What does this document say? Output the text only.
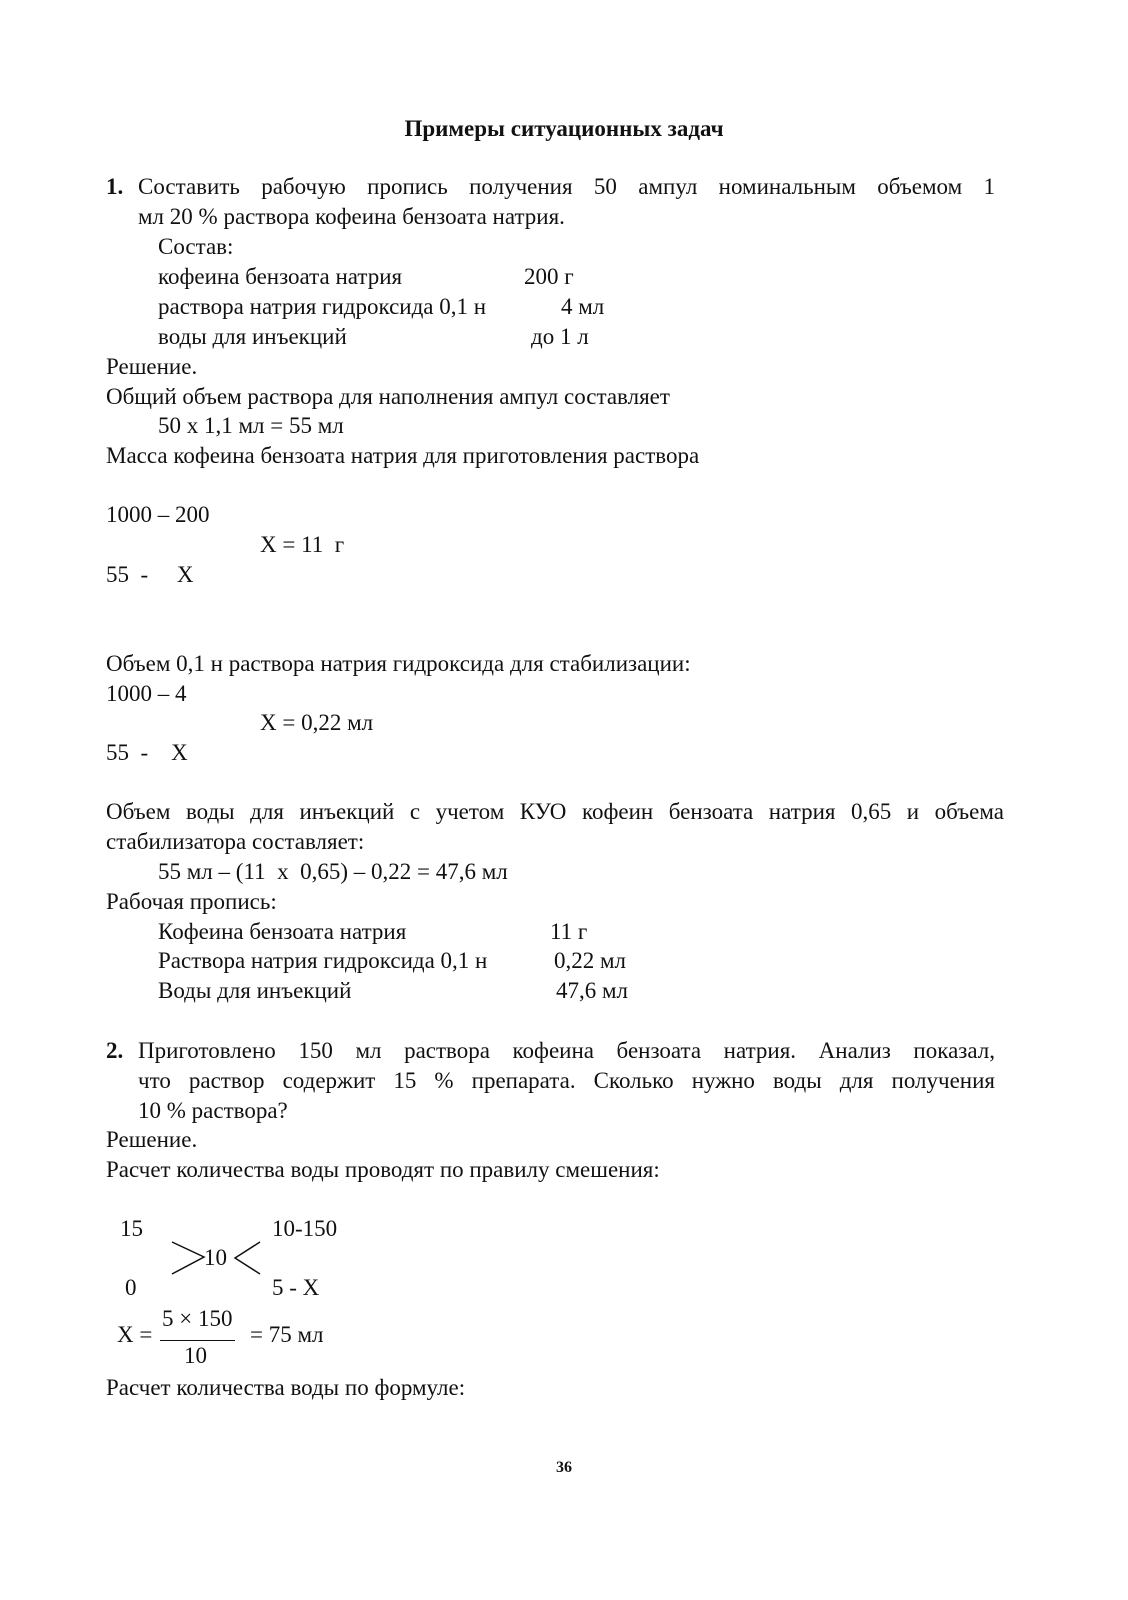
Примеры ситуационных задач
1. Составить рабочую пропись получения 50 ампул номинальным объемом 1
мл 20 % раствора кофеина бензоата натрия.
Состав:
кофеина бензоата натрия	200 г
раствора натрия гидроксида 0,1 н	4 мл
воды для инъекций	до 1 л
Решение.
Общий объем раствора для наполнения ампул составляет
50 х 1,1 мл = 55 мл
Масса кофеина бензоата натрия для приготовления раствора
1000 – 200
Х = 11  г
55  -     Х
Объем 0,1 н раствора натрия гидроксида для стабилизации:
1000 – 4
Х = 0,22 мл
55  -    Х
Объем воды для инъекций с учетом КУО кофеин бензоата натрия 0,65 и объема
стабилизатора составляет:
55 мл – (11  х  0,65) – 0,22 = 47,6 мл
Рабочая пропись:
Кофеина бензоата натрия	11 г
Раствора натрия гидроксида 0,1 н	0,22 мл
Воды для инъекций	47,6 мл
2. Приготовлено 150 мл раствора кофеина бензоата натрия. Анализ показал,
что раствор содержит 15 % препарата. Сколько нужно воды для получения
10 % раствора?
Решение.
Расчет количества воды проводят по правилу смешения:
15	10-150
10
0	5 - Х
Х =
5 × 150
10
= 75 мл
Расчет количества воды по формуле:
36
